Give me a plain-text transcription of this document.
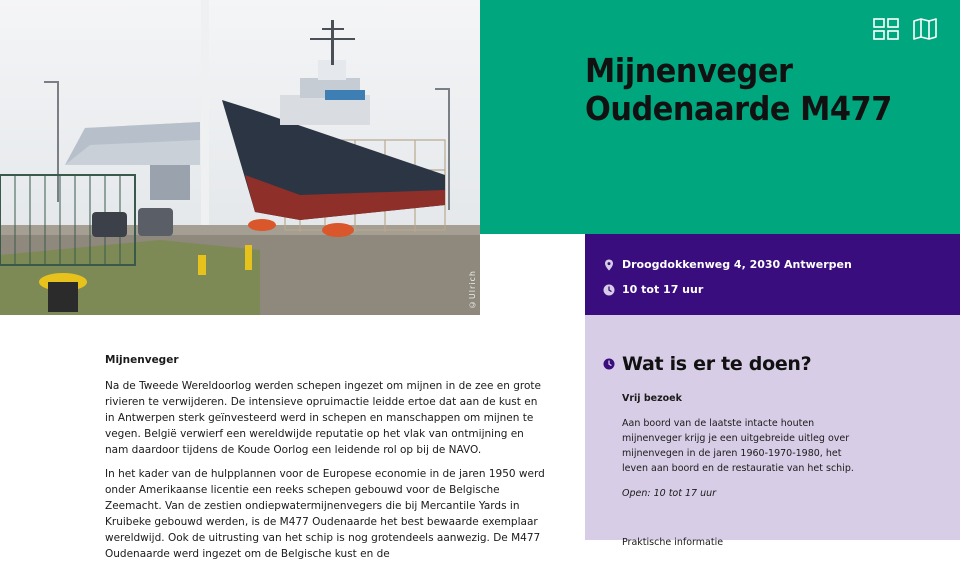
©Ulrich
Mijnenveger Oudenaarde M477
Droogdokkenweg 4, 2030 Antwerpen
10 tot 17 uur
Mijnenveger

Na de Tweede Wereldoorlog werden schepen ingezet om mijnen in de zee en grote rivieren te verwijderen. De intensieve opruimactie leidde ertoe dat aan de kust en in Antwerpen sterk geïnvesteerd werd in schepen en manschappen om mijnen te vegen. België verwierf een wereldwijde reputatie op het vlak van ontmijning en nam daardoor tijdens de Koude Oorlog een leidende rol op bij de NAVO.

In het kader van de hulpplannen voor de Europese economie in de jaren 1950 werd onder Amerikaanse licentie een reeks schepen gebouwd voor de Belgische Zeemacht. Van de zestien ondiepwatermijnenvegers die bij Mercantile Yards in Kruibeke gebouwd werden, is de M477 Oudenaarde het best bewaarde exemplaar wereldwijd. Ook de uitrusting van het schip is nog grotendeels aanwezig. De M477 Oudenaarde werd ingezet om de Belgische kust en de

Wat is er te doen?
Vrij bezoek

Aan boord van de laatste intacte houten mijnenveger krijg je een uitgebreide uitleg over mijnenvegen in de jaren 1960-1970-1980, het leven aan boord en de restauratie van het schip.

Open: 10 tot 17 uur

Praktische informatie
